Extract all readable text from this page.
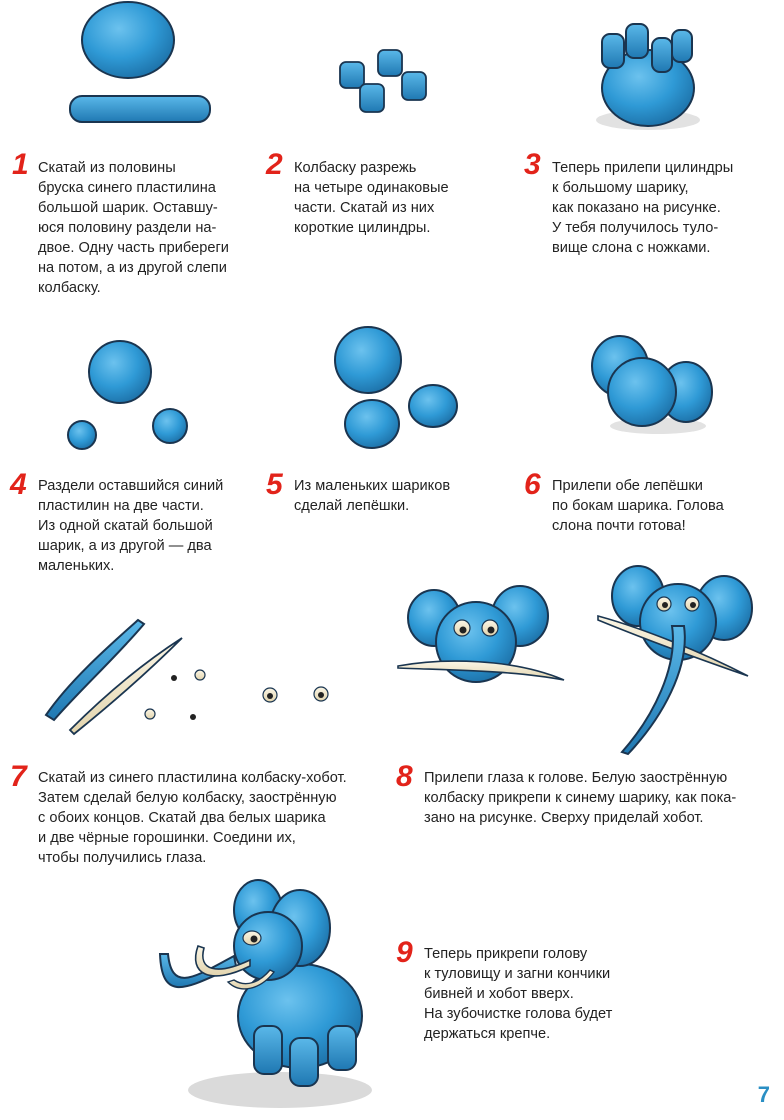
1 Скатай из половины
бруска синего пластилина
большой шарик. Оставшу-
юся половину раздели на-
двое. Одну часть прибереги
на потом, а из другой слепи
колбаску.
2 Колбаску разрежь
на четыре одинаковые
части. Скатай из них
короткие цилиндры.
3 Теперь прилепи цилиндры
к большому шарику,
как показано на рисунке.
У тебя получилось туло-
вище слона с ножками.
4 Раздели оставшийся синий
пластилин на две части.
Из одной скатай большой
шарик, а из другой — два
маленьких.
5 Из маленьких шариков
сделай лепёшки.
6 Прилепи обе лепёшки
по бокам шарика. Голова
слона почти готова!
7 Скатай из синего пластилина колбаску-хобот.
Затем сделай белую колбаску, заострённую
с обоих концов. Скатай два белых шарика
и две чёрные горошинки. Соедини их,
чтобы получились глаза.
8 Прилепи глаза к голове. Белую заострённую
колбаску прикрепи к синему шарику, как пока-
зано на рисунке. Сверху приделай хобот.
9 Теперь прикрепи голову
к туловищу и загни кончики
бивней и хобот вверх.
На зубочистке голова будет
держаться крепче.
7
